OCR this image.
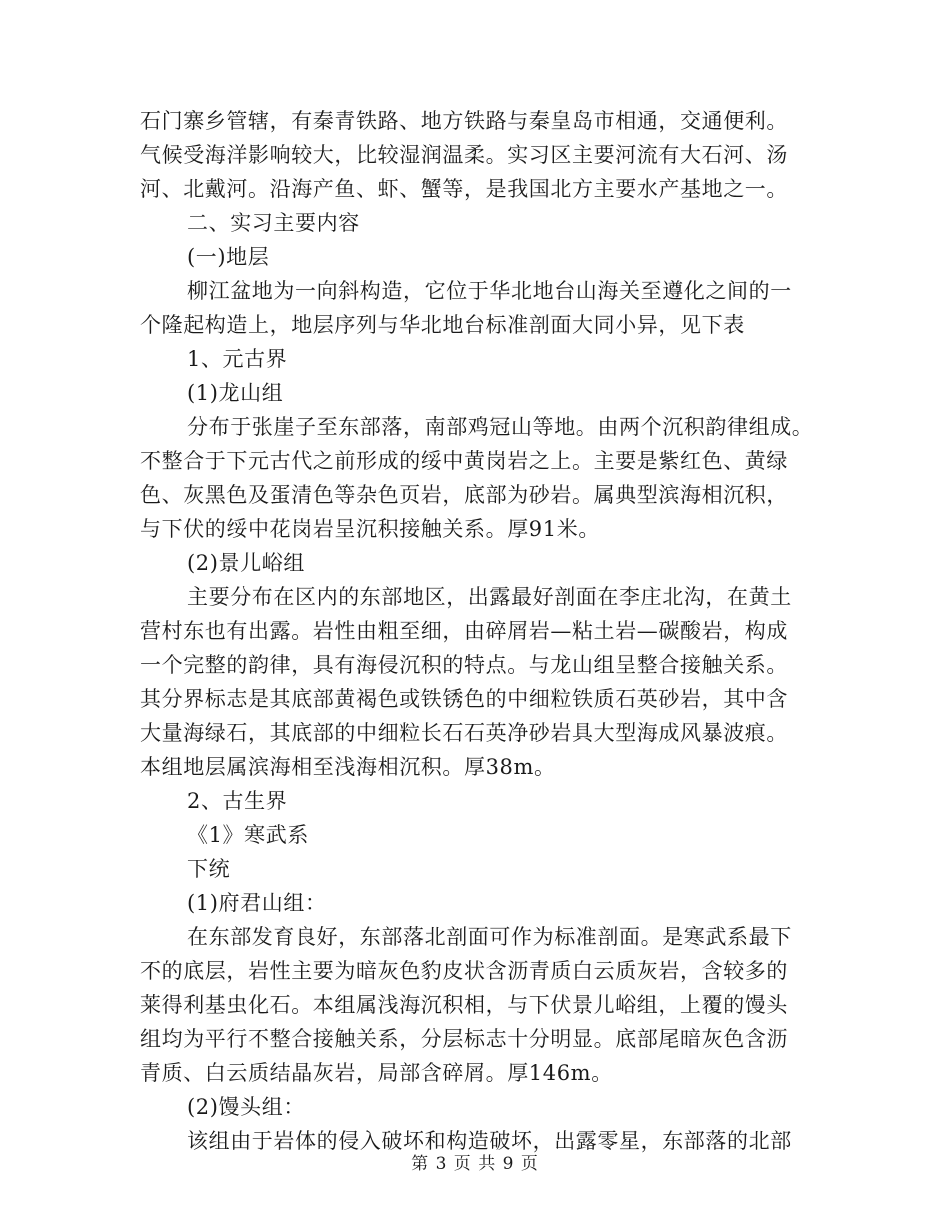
石门寨乡管辖，有秦青铁路、地方铁路与秦皇岛市相通，交通便利。
气候受海洋影响较大，比较湿润温柔。实习区主要河流有大石河、汤
河、北戴河。沿海产鱼、虾、蟹等，是我国北方主要水产基地之一。
二、实习主要内容
(一)地层
柳江盆地为一向斜构造，它位于华北地台山海关至遵化之间的一
个隆起构造上，地层序列与华北地台标准剖面大同小异，见下表
1、元古界
(1)龙山组
分布于张崖子至东部落，南部鸡冠山等地。由两个沉积韵律组成。
不整合于下元古代之前形成的绥中黄岗岩之上。主要是紫红色、黄绿
色、灰黑色及蛋清色等杂色页岩，底部为砂岩。属典型滨海相沉积，
与下伏的绥中花岗岩呈沉积接触关系。厚91米。
(2)景儿峪组
主要分布在区内的东部地区，出露最好剖面在李庄北沟，在黄土
营村东也有出露。岩性由粗至细，由碎屑岩—粘土岩—碳酸岩，构成
一个完整的韵律，具有海侵沉积的特点。与龙山组呈整合接触关系。
其分界标志是其底部黄褐色或铁锈色的中细粒铁质石英砂岩，其中含
大量海绿石，其底部的中细粒长石石英净砂岩具大型海成风暴波痕。
本组地层属滨海相至浅海相沉积。厚38m。
2、古生界
《1》寒武系
下统
(1)府君山组：
在东部发育良好，东部落北剖面可作为标准剖面。是寒武系最下
不的底层，岩性主要为暗灰色豹皮状含沥青质白云质灰岩，含较多的
莱得利基虫化石。本组属浅海沉积相，与下伏景儿峪组，上覆的馒头
组均为平行不整合接触关系，分层标志十分明显。底部尾暗灰色含沥
青质、白云质结晶灰岩，局部含碎屑。厚146m。
(2)馒头组：
该组由于岩体的侵入破坏和构造破坏，出露零星，东部落的北部
第 3 页 共 9 页
